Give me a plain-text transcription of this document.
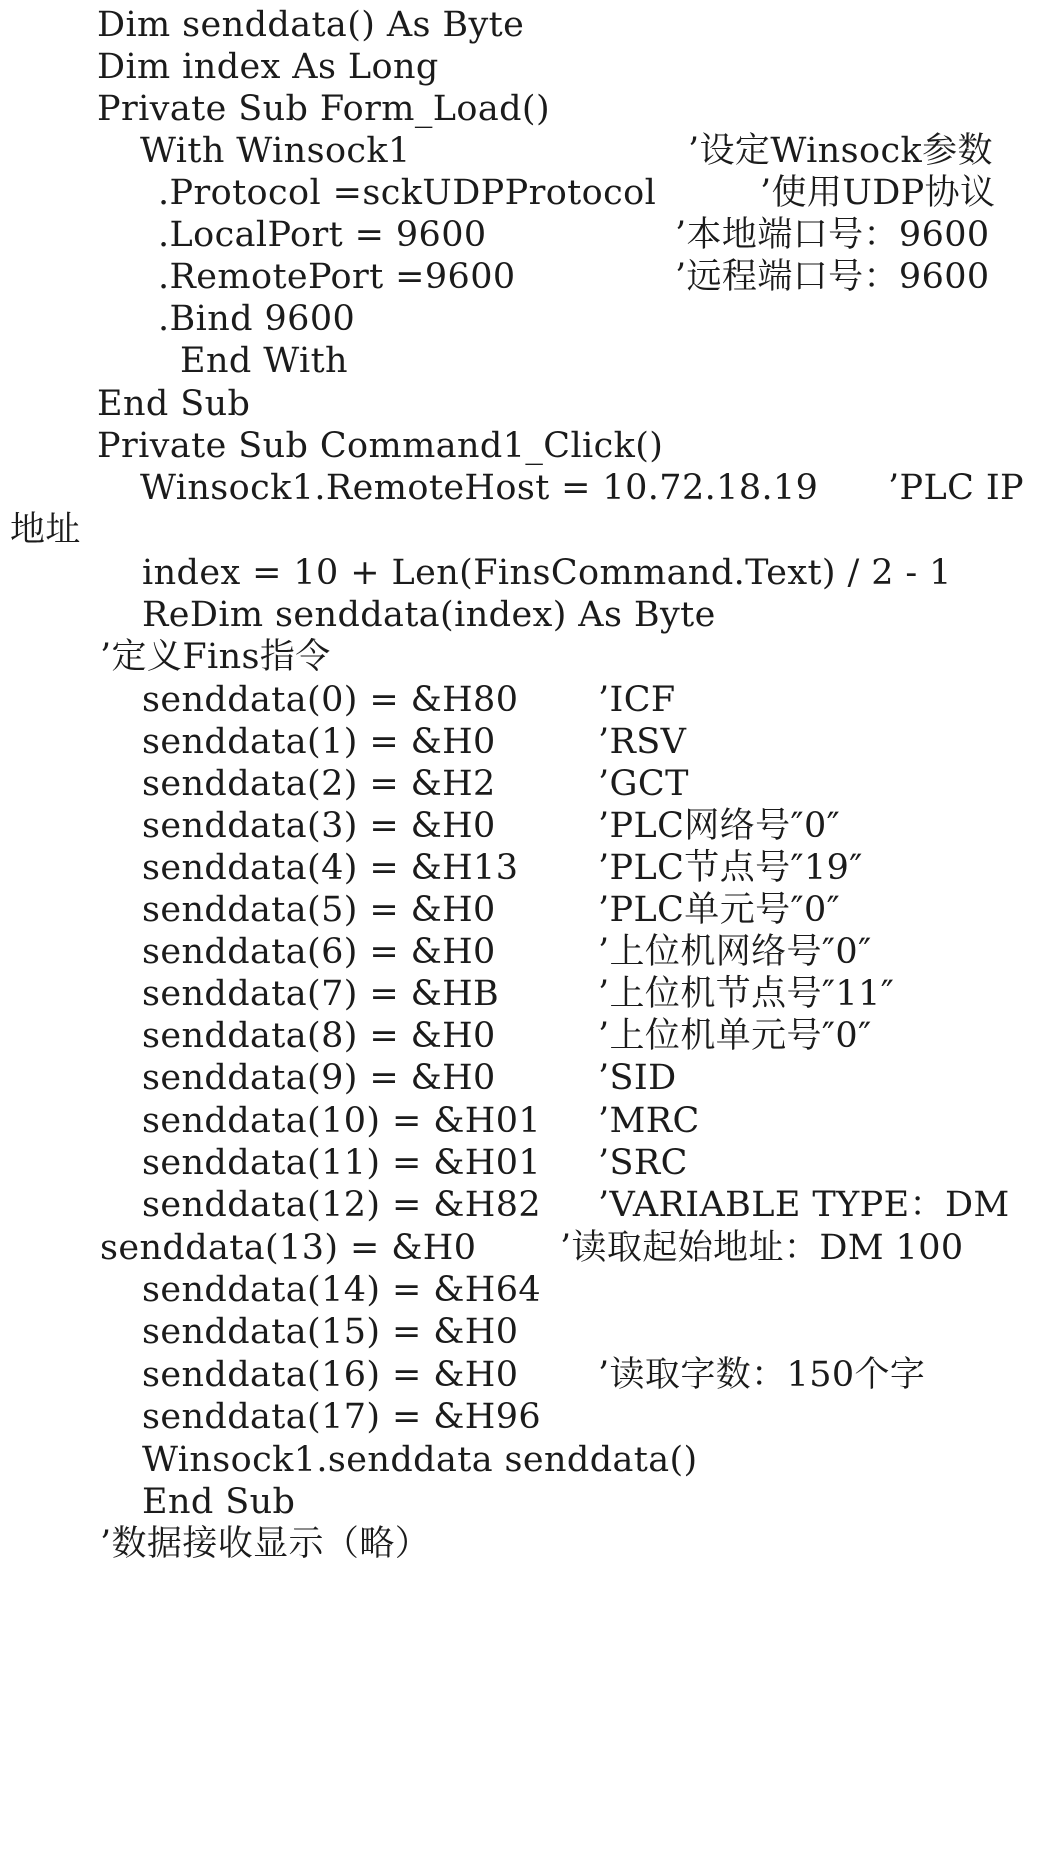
Dim senddata() As Byte
Dim index As Long
Private Sub Form_Load()
With Winsock1	’设定Winsock参数
.Protocol =sckUDPProtocol	’使用UDP协议
.LocalPort = 9600	’本地端口号：9600
.RemotePort =9600	’远程端口号：9600
.Bind 9600
End With
End Sub
Private Sub Command1_Click()
Winsock1.RemoteHost = 10.72.18.19 ’PLC IP
地址
index = 10 + Len(FinsCommand.Text) / 2 - 1
ReDim senddata(index) As Byte
’定义Fins指令
senddata(0) = &H80 ’ICF
senddata(1) = &H0	’RSV
senddata(2) = &H2	’GCT
senddata(3) = &H0	’PLC网络号″0″
senddata(4) = &H13 ’PLC节点号″19″
senddata(5) = &H0	’PLC单元号″0″
senddata(6) = &H0	’上位机网络号″0″
senddata(7) = &HB	’上位机节点号″11″
senddata(8) = &H0	’上位机单元号″0″
senddata(9) = &H0	’SID
senddata(10) = &H01 ’MRC
senddata(11) = &H01 ’SRC
senddata(12) = &H82 ’VARIABLE TYPE：DM
senddata(13) = &H0 ’读取起始地址：DM 100
senddata(14) = &H64
senddata(15) = &H0
senddata(16) = &H0 ’读取字数：150个字
senddata(17) = &H96
Winsock1.senddata senddata()
End Sub
’数据接收显示（略）
